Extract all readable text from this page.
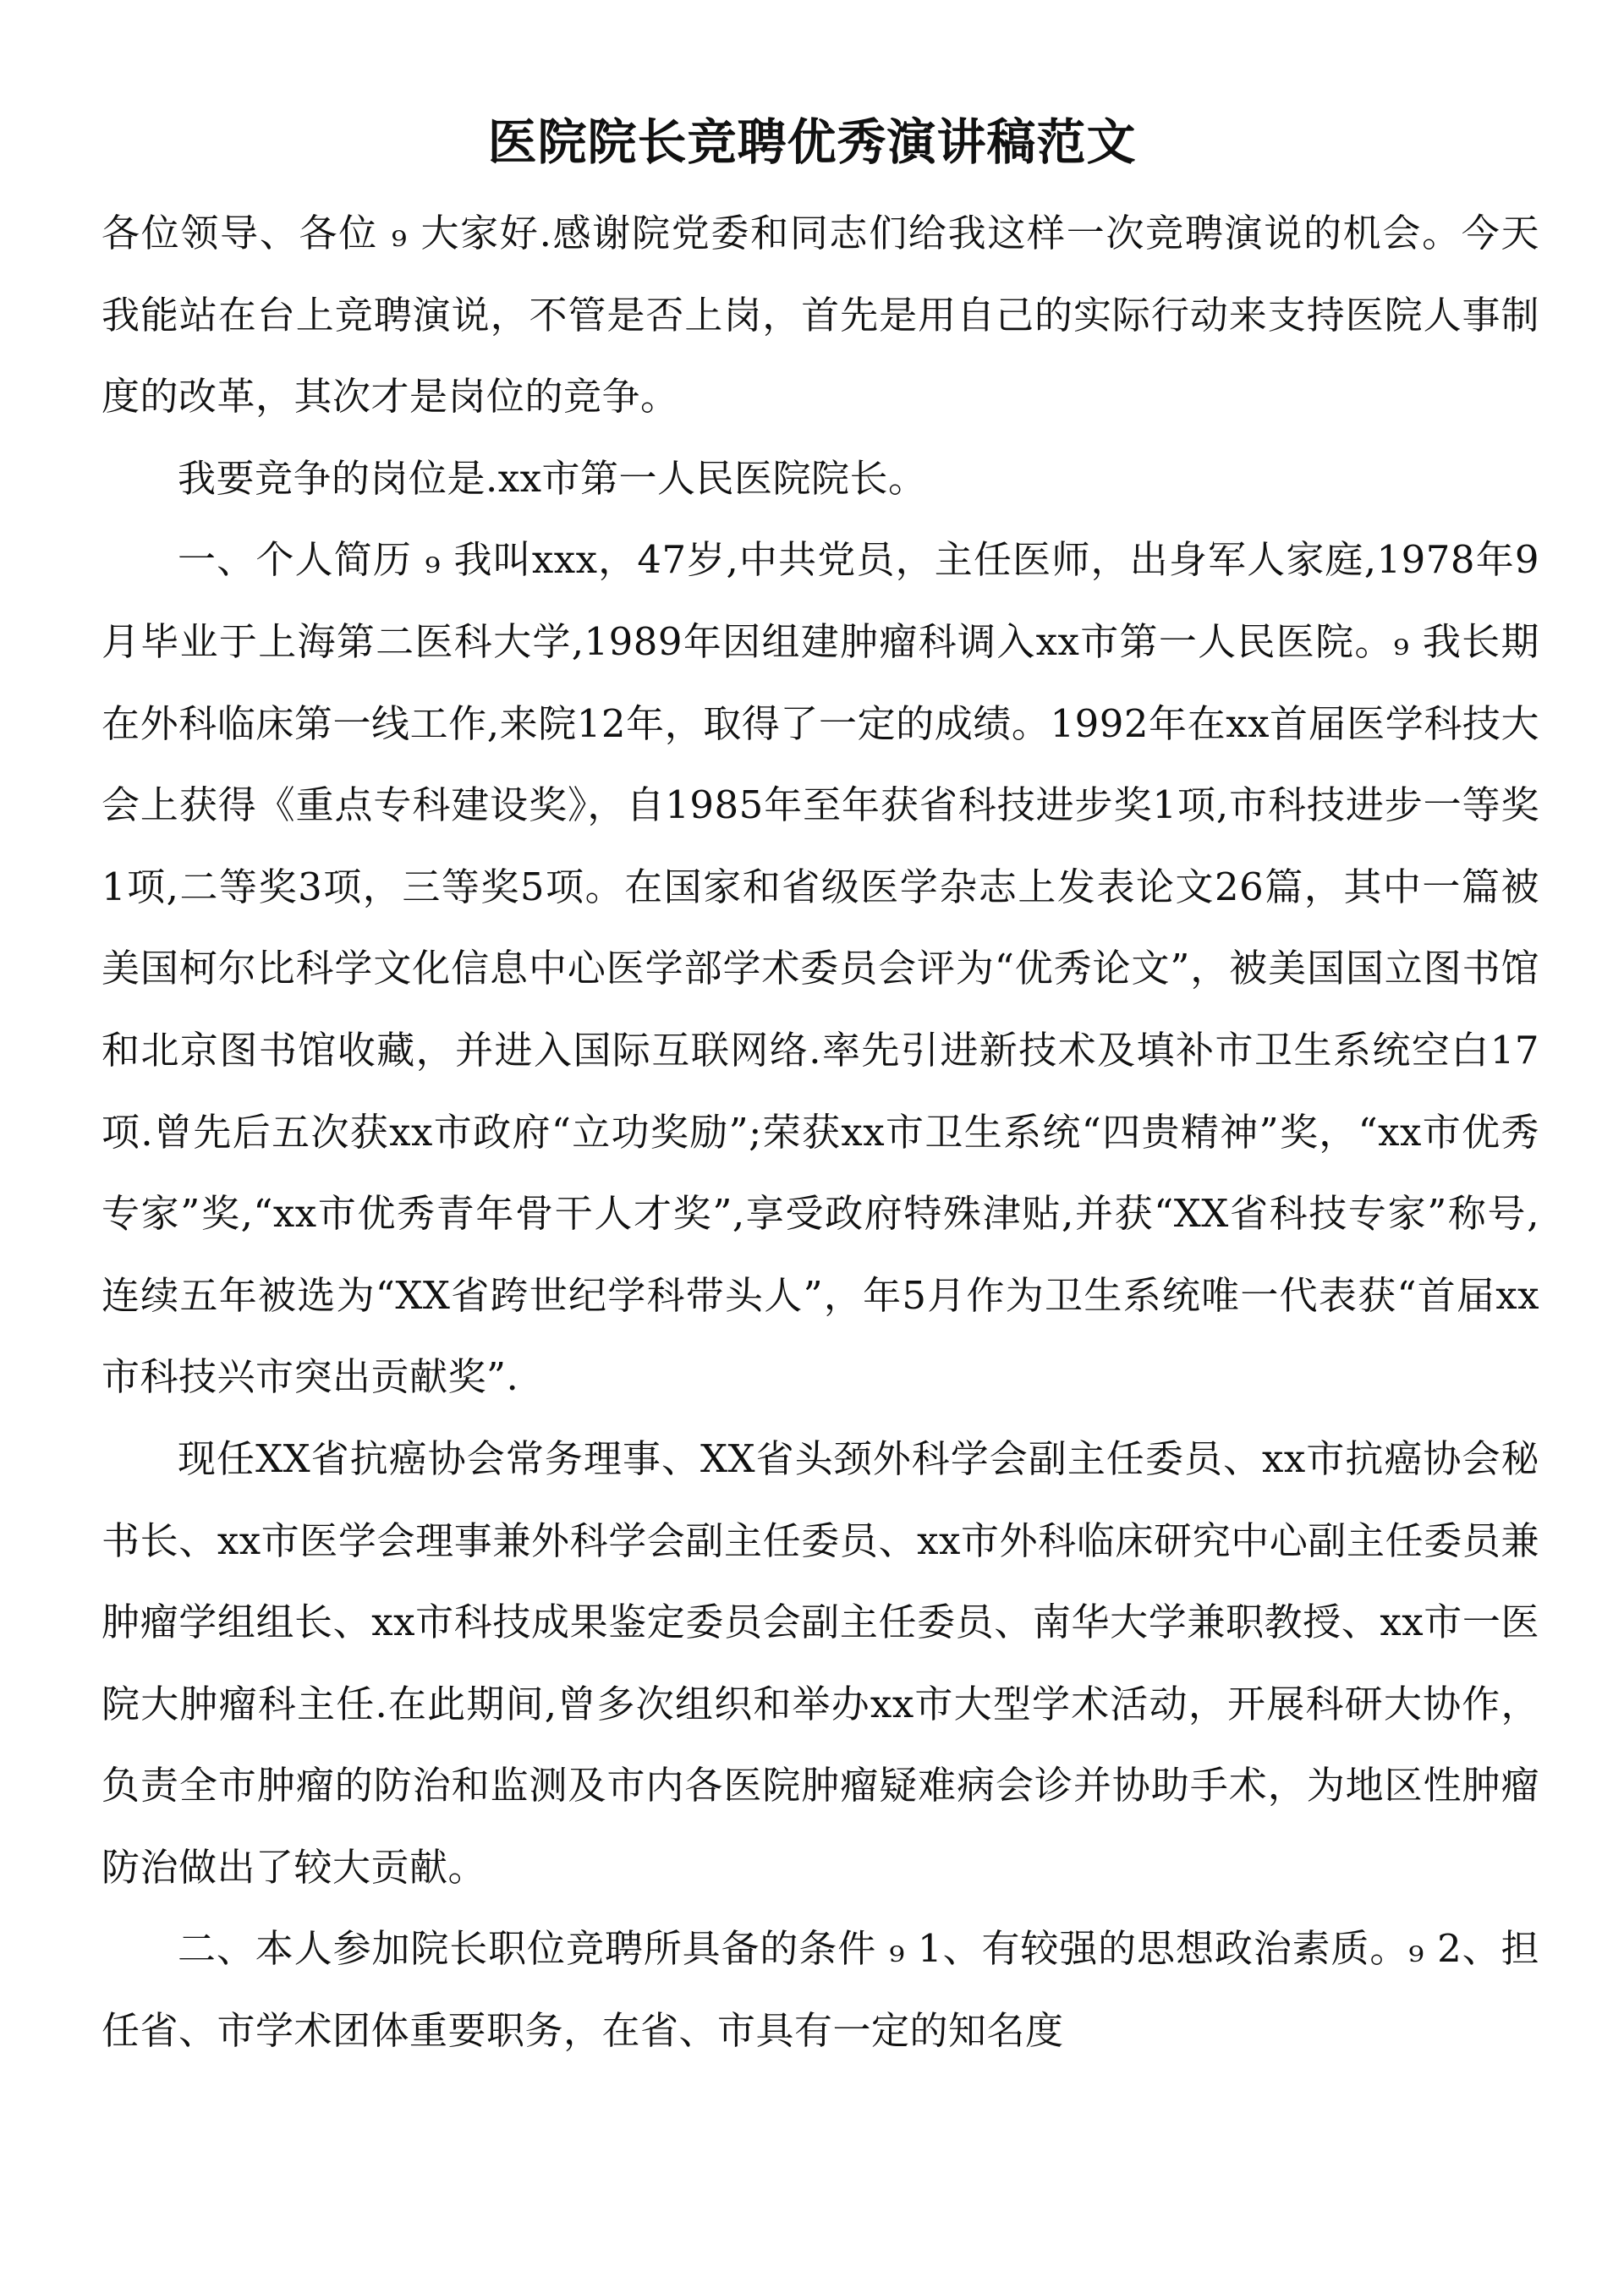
医院院长竞聘优秀演讲稿范文

各位领导、各位 ₉ 大家好.感谢院党委和同志们给我这样一次竞聘演说的机会。今天我能站在台上竞聘演说，不管是否上岗，首先是用自己的实际行动来支持医院人事制度的改革，其次才是岗位的竞争。

我要竞争的岗位是.xx市第一人民医院院长。

一、个人简历 ₉ 我叫xxx，47岁,中共党员，主任医师，出身军人家庭,1978年9月毕业于上海第二医科大学,1989年因组建肿瘤科调入xx市第一人民医院。₉ 我长期在外科临床第一线工作,来院12年，取得了一定的成绩。1992年在xx首届医学科技大会上获得《重点专科建设奖》，自1985年至年获省科技进步奖1项,市科技进步一等奖1项,二等奖3项，三等奖5项。在国家和省级医学杂志上发表论文26篇，其中一篇被美国柯尔比科学文化信息中心医学部学术委员会评为“优秀论文”，被美国国立图书馆和北京图书馆收藏，并进入国际互联网络.率先引进新技术及填补市卫生系统空白17项.曾先后五次获xx市政府“立功奖励”;荣获xx市卫生系统“四贵精神”奖，“xx市优秀专家”奖,“xx市优秀青年骨干人才奖”,享受政府特殊津贴,并获“XX省科技专家”称号,连续五年被选为“XX省跨世纪学科带头人”，年5月作为卫生系统唯一代表获“首届xx市科技兴市突出贡献奖”.

现任XX省抗癌协会常务理事、XX省头颈外科学会副主任委员、xx市抗癌协会秘书长、xx市医学会理事兼外科学会副主任委员、xx市外科临床研究中心副主任委员兼肿瘤学组组长、xx市科技成果鉴定委员会副主任委员、南华大学兼职教授、xx市一医院大肿瘤科主任.在此期间,曾多次组织和举办xx市大型学术活动，开展科研大协作，负责全市肿瘤的防治和监测及市内各医院肿瘤疑难病会诊并协助手术，为地区性肿瘤防治做出了较大贡献。

二、本人参加院长职位竞聘所具备的条件 ₉ 1、有较强的思想政治素质。₉ 2、担任省、市学术团体重要职务，在省、市具有一定的知名度
